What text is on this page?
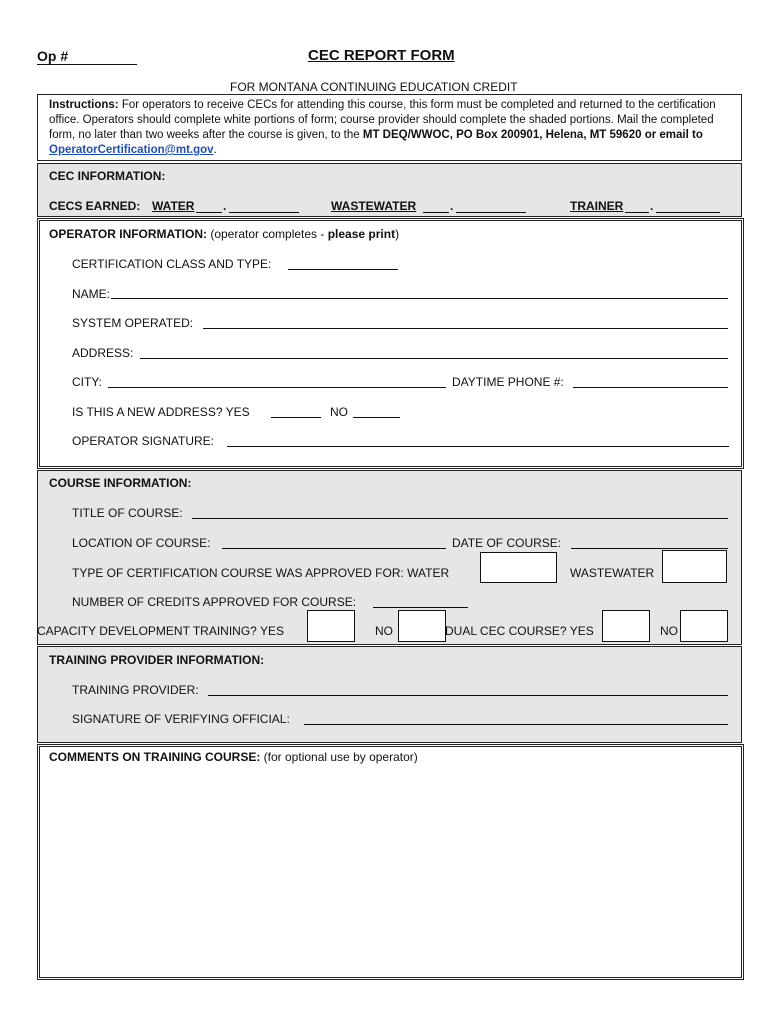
Op #	CEC REPORT FORM
FOR MONTANA CONTINUING EDUCATION CREDIT
Instructions: For operators to receive CECs for attending this course, this form must be completed and returned to the certification office. Operators should complete white portions of form; course provider should complete the shaded portions. Mail the completed form, no later than two weeks after the course is given, to the MT DEQ/WWOC, PO Box 200901, Helena, MT 59620 or email to OperatorCertification@mt.gov.
CEC INFORMATION:
CECS EARNED: WATER .	WASTEWATER	.	TRAINER .
OPERATOR INFORMATION: (operator completes - please print)
CERTIFICATION CLASS AND TYPE:
NAME:
SYSTEM OPERATED:
ADDRESS:
CITY:	DAYTIME PHONE #:
IS THIS A NEW ADDRESS? YES	NO
OPERATOR SIGNATURE:
COURSE INFORMATION:
TITLE OF COURSE:
LOCATION OF COURSE:	DATE OF COURSE:
TYPE OF CERTIFICATION COURSE WAS APPROVED FOR: WATER	WASTEWATER
NUMBER OF CREDITS APPROVED FOR COURSE:
CAPACITY DEVELOPMENT TRAINING? YES	NO	DUAL CEC COURSE? YES	NO
TRAINING PROVIDER INFORMATION:
TRAINING PROVIDER:
SIGNATURE OF VERIFYING OFFICIAL:
COMMENTS ON TRAINING COURSE: (for optional use by operator)
